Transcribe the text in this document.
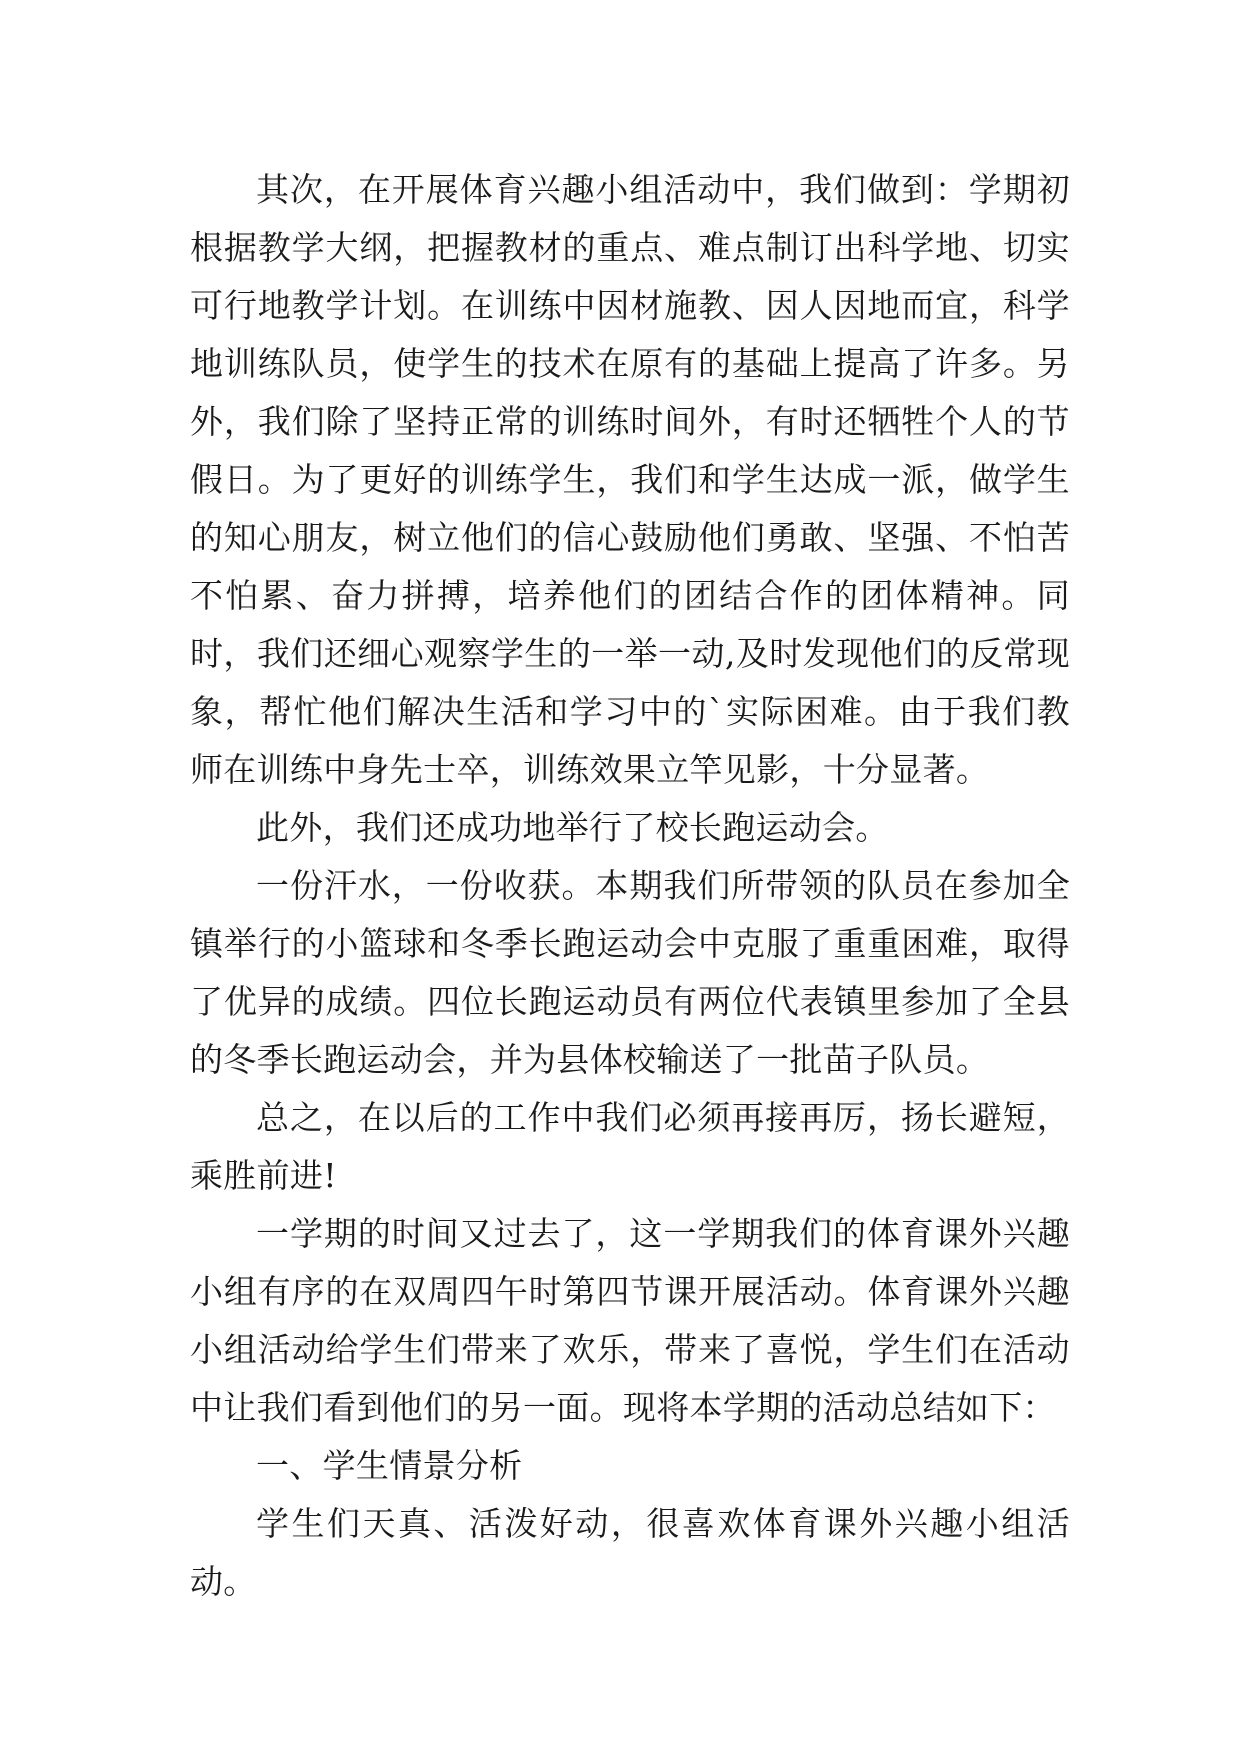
其次，在开展体育兴趣小组活动中，我们做到：学期初根据教学大纲，把握教材的重点、难点制订出科学地、切实可行地教学计划。在训练中因材施教、因人因地而宜，科学地训练队员，使学生的技术在原有的基础上提高了许多。另外，我们除了坚持正常的训练时间外，有时还牺牲个人的节假日。为了更好的训练学生，我们和学生达成一派，做学生的知心朋友，树立他们的信心鼓励他们勇敢、坚强、不怕苦不怕累、奋力拼搏，培养他们的团结合作的团体精神。同时，我们还细心观察学生的一举一动,及时发现他们的反常现象，帮忙他们解决生活和学习中的`实际困难。由于我们教师在训练中身先士卒，训练效果立竿见影，十分显著。

此外，我们还成功地举行了校长跑运动会。

一份汗水，一份收获。本期我们所带领的队员在参加全镇举行的小篮球和冬季长跑运动会中克服了重重困难，取得了优异的成绩。四位长跑运动员有两位代表镇里参加了全县的冬季长跑运动会，并为县体校输送了一批苗子队员。

总之，在以后的工作中我们必须再接再厉，扬长避短，乘胜前进!

一学期的时间又过去了，这一学期我们的体育课外兴趣小组有序的在双周四午时第四节课开展活动。体育课外兴趣小组活动给学生们带来了欢乐，带来了喜悦，学生们在活动中让我们看到他们的另一面。现将本学期的活动总结如下：

一、学生情景分析

学生们天真、活泼好动，很喜欢体育课外兴趣小组活动。
